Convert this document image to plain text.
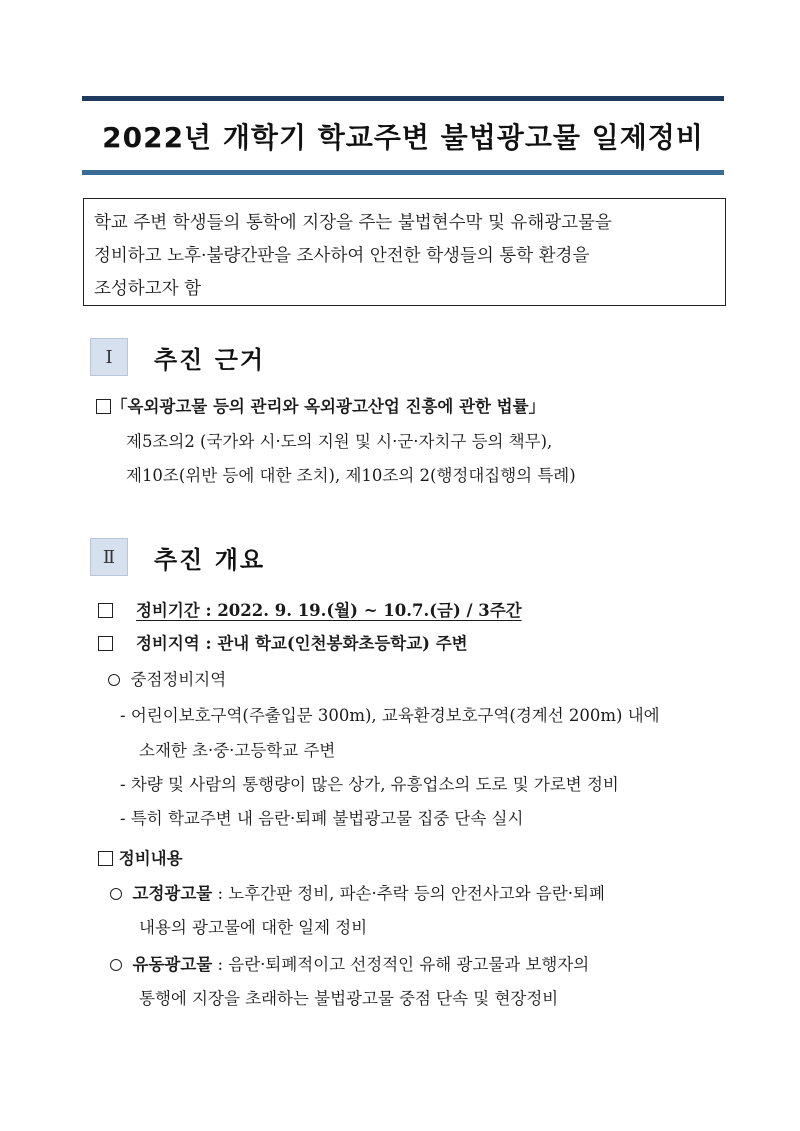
2022년 개학기 학교주변 불법광고물 일제정비
학교 주변 학생들의 통학에 지장을 주는 불법현수막 및 유해광고물을
정비하고 노후·불량간판을 조사하여 안전한 학생들의 통학 환경을
조성하고자 함
Ⅰ	추진 근거
「옥외광고물 등의 관리와 옥외광고산업 진흥에 관한 법률」
제5조의2 (국가와 시·도의 지원 및 시·군·자치구 등의 책무),
제10조(위반 등에 대한 조치), 제10조의 2(행정대집행의 특례)
Ⅱ	추진 개요
정비기간 : 2022. 9. 19.(월) ~ 10.7.(금) / 3주간
정비지역 : 관내 학교(인천봉화초등학교) 주변
중점정비지역
- 어린이보호구역(주출입문 300m), 교육환경보호구역(경계선 200m) 내에
소재한 초·중·고등학교 주변
- 차량 및 사람의 통행량이 많은 상가, 유흥업소의 도로 및 가로변 정비
- 특히 학교주변 내 음란·퇴폐 불법광고물 집중 단속 실시
정비내용
고정광고물 : 노후간판 정비, 파손·추락 등의 안전사고와 음란·퇴폐
내용의 광고물에 대한 일제 정비
유동광고물 : 음란·퇴폐적이고 선정적인 유해 광고물과 보행자의
통행에 지장을 초래하는 불법광고물 중점 단속 및 현장정비
